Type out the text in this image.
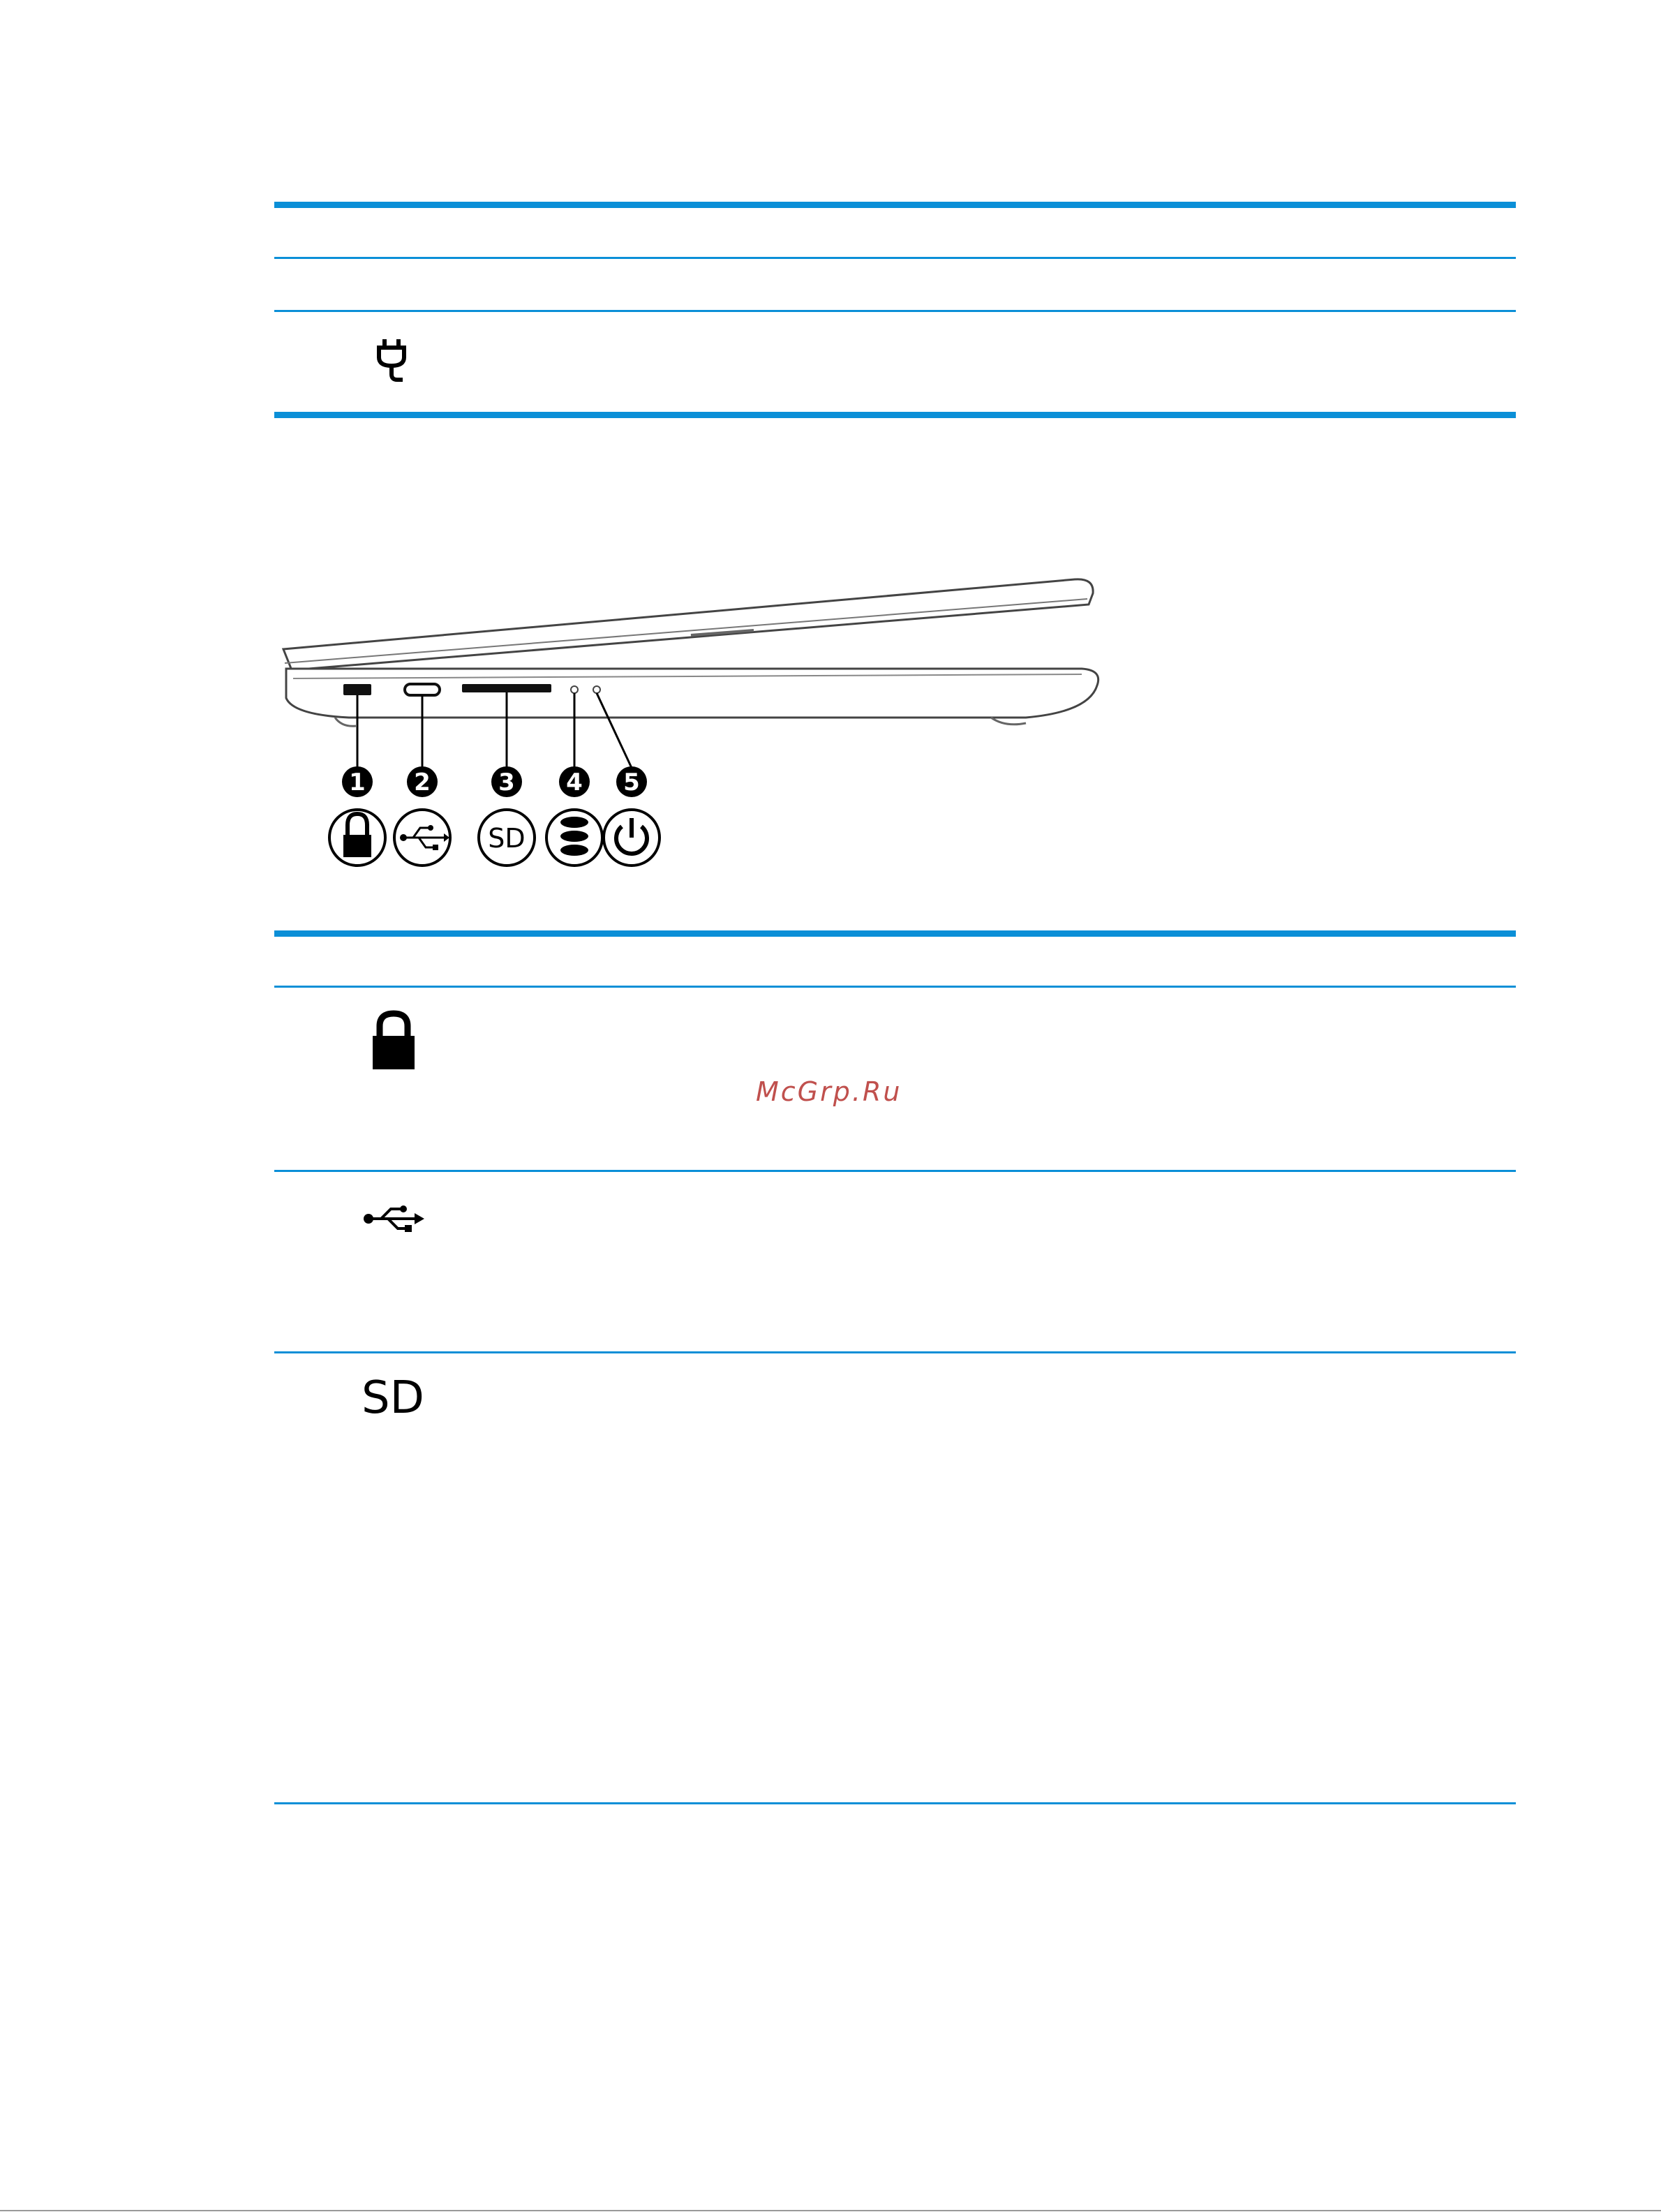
1 2	3 4 5
SD
McGrp.Ru
SD
